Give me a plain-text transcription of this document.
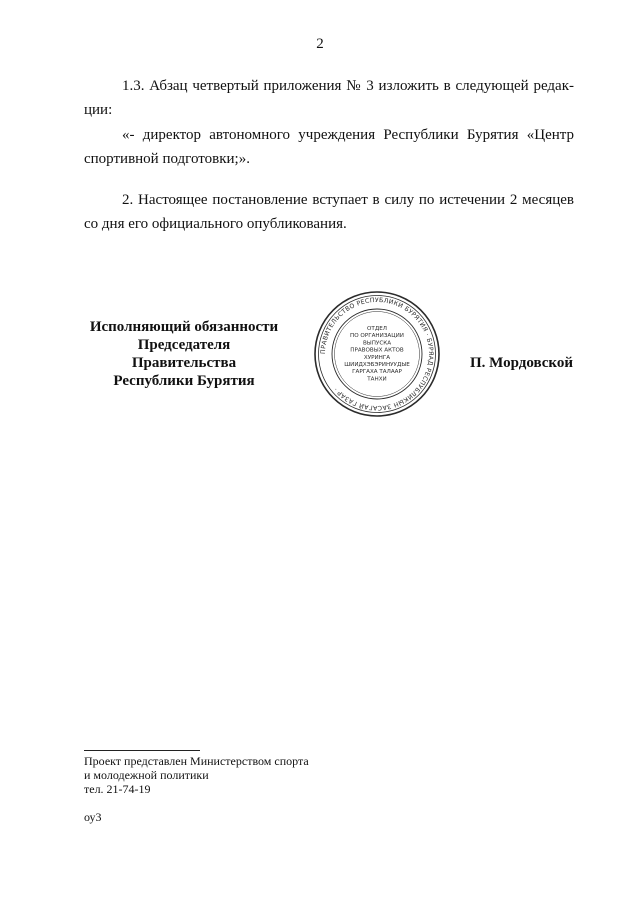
2
1.3. Абзац четвертый приложения № 3 изложить в следующей редак-
ции:
«- директор автономного учреждения Республики Бурятия «Центр
спортивной подготовки;».
2. Настоящее постановление вступает в силу по истечении 2 месяцев
со дня его официального опубликования.
Исполняющий обязанности
Председателя Правительства
Республики Бурятия
ПРАВИТЕЛЬСТВО РЕСПУБЛИКИ БУРЯТИЯ · БУРЯАД РЕСПУБЛИКЫН ЗАСАГАЙ ГАЗАР ·
ОТДЕЛ
ПО ОРГАНИЗАЦИИ
ВЫПУСКА
ПРАВОВЫХ АКТОВ
ХУРИНГА
ШИИДХЭБЭРИНУУДЫЕ
ГАРГАХА ТАЛААР
ТАНХИ
П. Мордовской
Проект представлен Министерством спорта
и молодежной политики
тел. 21-74-19
оу3
